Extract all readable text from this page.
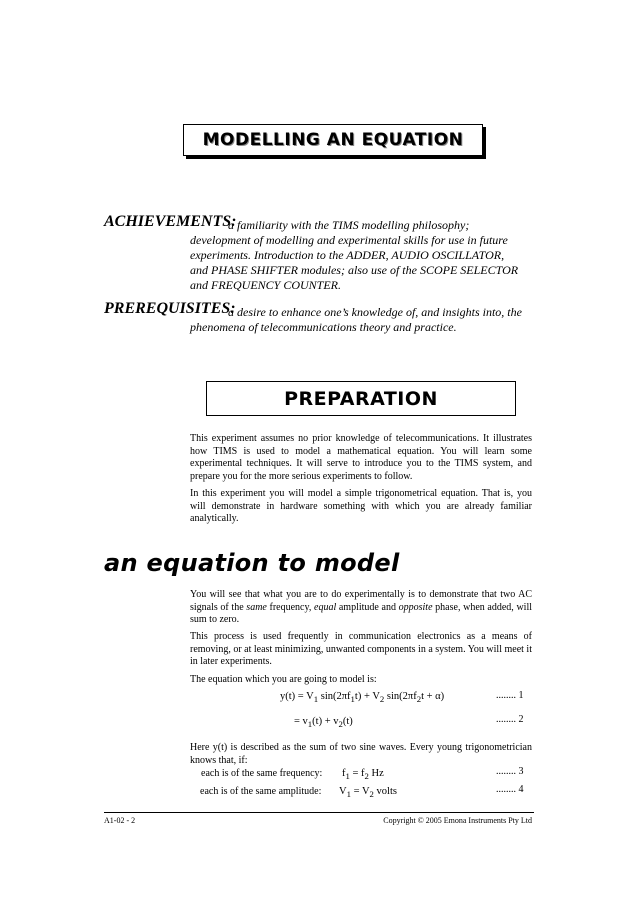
MODELLING AN EQUATION
ACHIEVEMENTS:
a familiarity with the TIMS modelling philosophy;
development of modelling and experimental skills for use in future
experiments. Introduction to the ADDER, AUDIO OSCILLATOR,
and PHASE SHIFTER modules; also use of the SCOPE SELECTOR
and FREQUENCY COUNTER.
PREREQUISITES:
a desire to enhance one’s knowledge of, and insights into, the
phenomena of telecommunications theory and practice.
PREPARATION

This experiment assumes no prior knowledge of telecommunications. It illustrates how TIMS is used to model a mathematical equation. You will learn some experimental techniques. It will serve to introduce you to the TIMS system, and prepare you for the more serious experiments to follow.

In this experiment you will model a simple trigonometrical equation. That is, you will demonstrate in hardware something with which you are already familiar analytically.

an equation to model

You will see that what you are to do experimentally is to demonstrate that two AC signals of the same frequency, equal amplitude and opposite phase, when added, will sum to zero.

This process is used frequently in communication electronics as a means of removing, or at least minimizing, unwanted components in a system. You will meet it in later experiments.

The equation which you are going to model is:

$y(t) = V_1$ $\sin(2\pi f_1t) + V_2$ $\sin(2\pi f_2t + \alpha)$	........ 1
= $v_1(t) + v_2(t)$	........ 2

Here y(t) is described as the sum of two sine waves. Every young trigonometrician knows that, if:

each is of the same frequency: $f_1 = f_2$ Hz	........ 3
each is of the same amplitude: $V_1 = V_2$ volts	........ 4
A1-02 - 2	Copyright © 2005 Emona Instruments Pty Ltd
